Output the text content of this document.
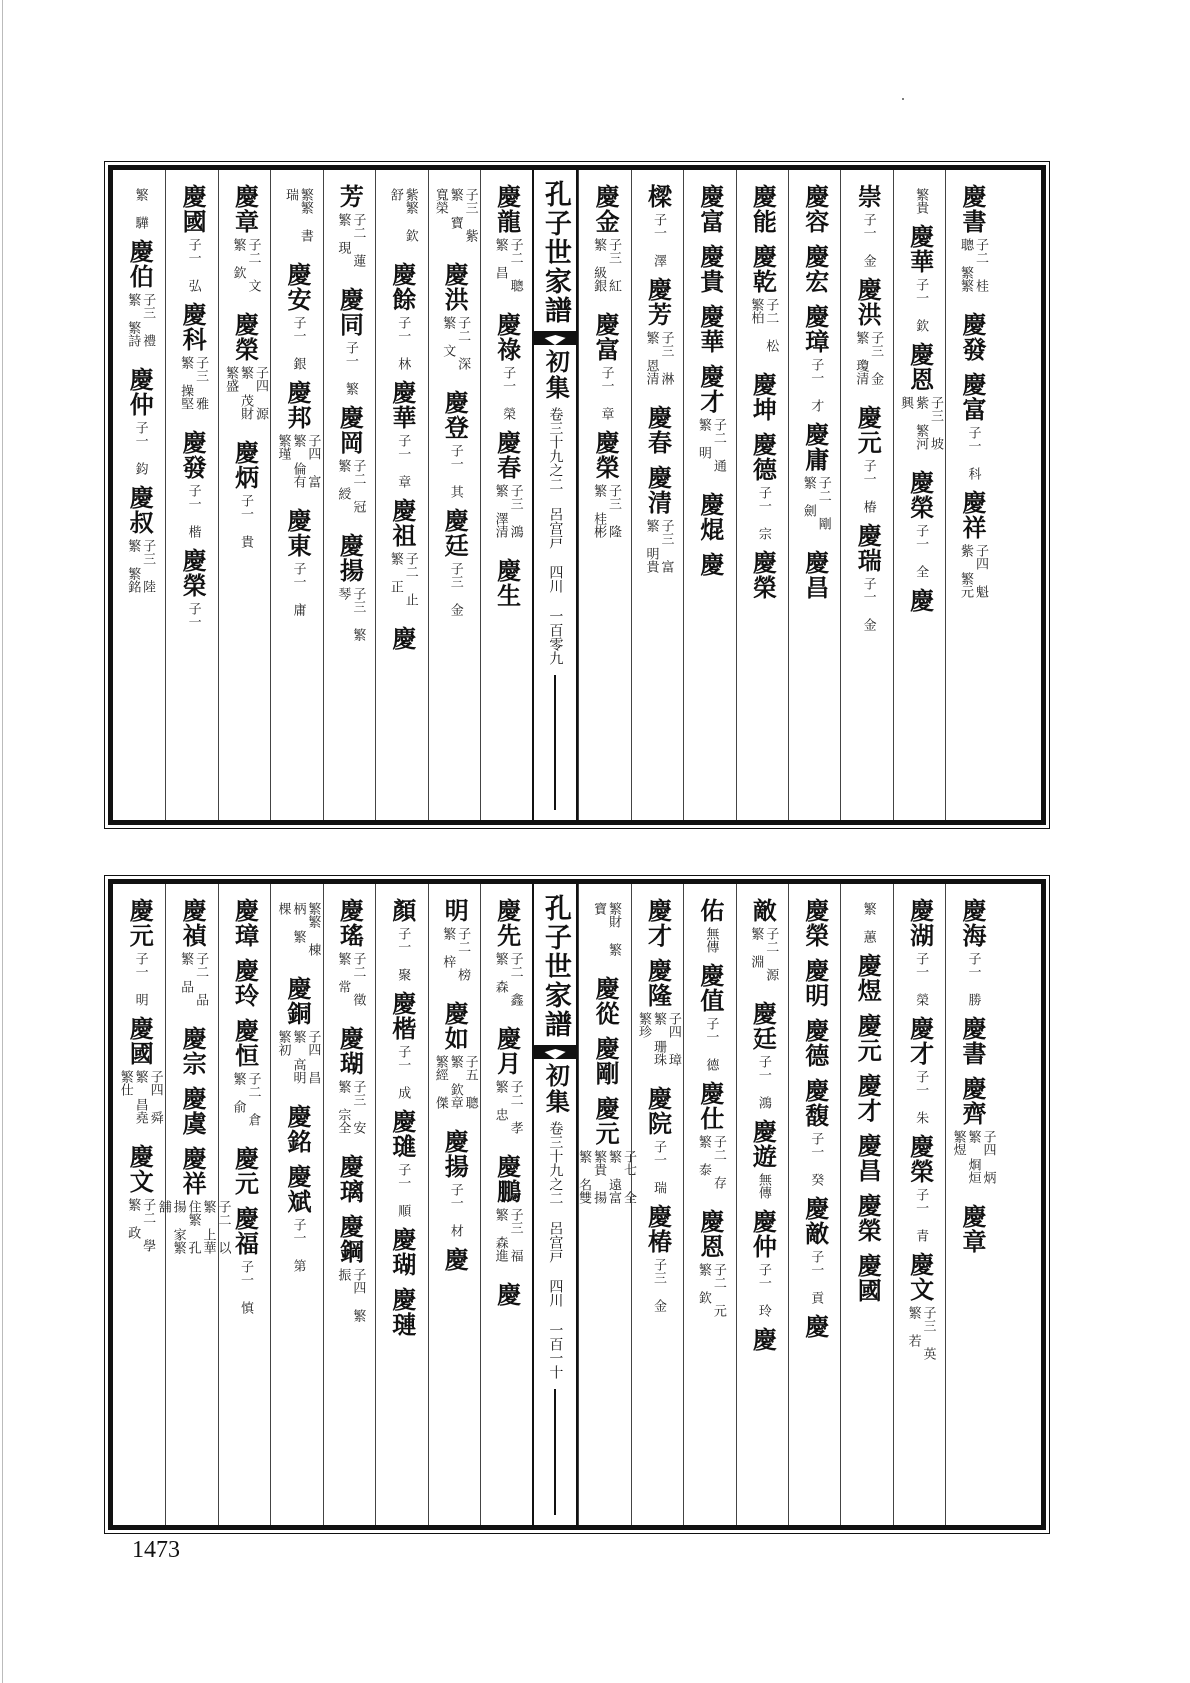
繁 驊
慶伯
子三 禮繁 繁詩
慶仲
子一 鈞
慶叔
子三 陸繁 繁銘
慶國
子一 弘
慶科
子三 雅繁 操堅
慶發
子一 楷
慶榮
子一
慶章
子二 文繁 欽
慶榮
子四 源繁 茂財 繁盛
慶炳
子一 貴
繁繁 書 瑞
慶安
子一 銀
慶邦
子四 富繁 倫有 繁瑾
慶東
子一 庸
芳
子二 蓮繁 現
慶同
子一 繁
慶岡
子二 冠繁 綬
慶揚
子三 繁 琴
紫繁 欽 舒
慶餘
子一 林
慶華
子一 章
慶祖
子二 止 繁 正
慶
子三 紫繁 寶 寬榮
慶洪
子二 深繁 文
慶登
子一 其
慶廷
子三 金
慶龍
子二 聰繁 昌
慶祿
子一 榮
慶春
子三 鴻繁 澤清
慶生
孔子世家譜
初集
卷三十九之二 呂宫戸 四川 一百零九
慶金
子三 紅繁 級銀
慶富
子一 章
慶榮
子三 隆繁 桂彬
樑
子一 澤
慶芳
子三 淋繁 恩清
慶春
慶清
子三 富繁 明貴
慶富
慶貴
慶華
慶才
子二 通繁 明
慶焜
慶
慶能
慶乾
子二 松 繁柏
慶坤
慶德
子一 宗
慶榮
慶容
慶宏
慶璋
子一 才
慶庸
子二 剛 繁 劍
慶昌
崇
子一 金
慶洪
子三 金繁 瓊清
慶元
子一 椿
慶瑞
子一 金
繁貴
慶華
子一 欽
慶恩
子三 坡紫 繁河 興
慶榮
子一 全
慶
慶書
子二 桂聰 繁繁
慶發
慶富
子一 科
慶祥
子四 魁紫 繁元
慶元
子一 明
慶國
子四 舜繁 昌堯 繁仕
慶文
子二 學繁 政
慶禎
子二 品繁 品
慶宗
慶虞
慶祥
子二 以繁 上華 住繁 孔揚 家繁 舖
慶璋
慶玲
慶恒
子二 倉繁 俞
慶元
慶福
子一 慎
繁繁 棟柄 繁 棵
慶銅
子四 昌繁 高明 繁初
慶銘
慶斌
子一 第
慶瑤
子二 徵繁 常
慶瑚
子三 安繁 宗全
慶璃
慶鋼
子四 繁 振
顏
子一 聚
慶楷
子一 成
慶璡
子一 順
慶瑚
慶璉
明
子二 榜繁 梓
慶如
子五 聰繁 欽章 繁經 傑
慶揚
子一 材
慶
慶先
子二 鑫繁 森
慶月
子二 孝繁 忠
慶鵬
子三 福繁 森進
慶
孔子世家譜
初集
卷三十九之二 呂宫戸 四川 一百一十
繁財 繁寶
慶從
慶剛
慶元
子七 全繁 遠富 繁貴 揚繁 名雙
慶才
慶隆
子四 璋繁 珊珠 繁珍
慶院
子一 瑞
慶椿
子三 金
佑
無傳
慶值
子一 德
慶仕
子二 存繁 泰
慶恩
子二 元繁 欽
敵
子二 源繁 淵
慶廷
子一 鴻
慶遊
無傳
慶仲
子一 玲
慶
慶榮
慶明
慶德
慶馥
子一 癸
慶敵
子一 貢
慶
繁 蕙
慶煜
慶元
慶才
慶昌
慶榮
慶國
慶湖
子一 榮
慶才
子一 朱
慶榮
子一 青
慶文
子三 英繁 若
慶海
子一 勝
慶書
慶齊
子四 炳繁 烱烜 繁煜
慶章
1473
